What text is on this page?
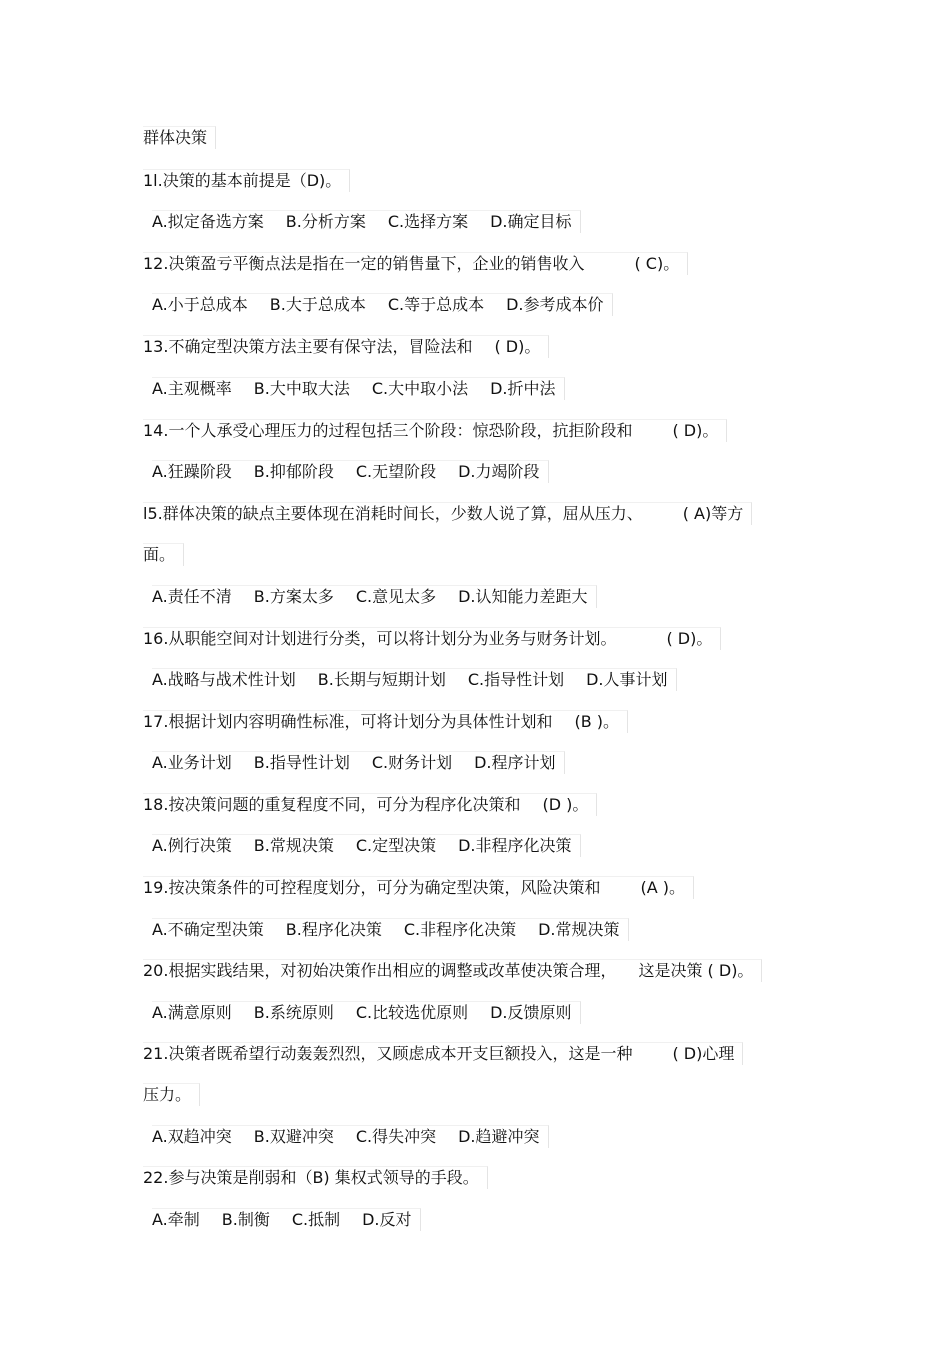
群体决策
1l.决策的基本前提是（D)。
A.拟定备选方案 B.分析方案 C.选择方案 D.确定目标
12.决策盈亏平衡点法是指在一定的销售量下，企业的销售收入	( C)。
A.小于总成本 B.大于总成本 C.等于总成本 D.参考成本价
13.不确定型决策方法主要有保守法，冒险法和 ( D)。
A.主观概率 B.大中取大法 C.大中取小法 D.折中法
14.一个人承受心理压力的过程包括三个阶段：惊恐阶段，抗拒阶段和	( D)。
A.狂躁阶段 B.抑郁阶段 C.无望阶段 D.力竭阶段
l5.群体决策的缺点主要体现在消耗时间长，少数人说了算，屈从压力、	( A)等方
面。
A.责任不清 B.方案太多 C.意见太多 D.认知能力差距大
16.从职能空间对计划进行分类，可以将计划分为业务与财务计划。	( D)。
A.战略与战术性计划 B.长期与短期计划 C.指导性计划 D.人事计划
17.根据计划内容明确性标准，可将计划分为具体性计划和 (B )。
A.业务计划 B.指导性计划 C.财务计划 D.程序计划
18.按决策问题的重复程度不同，可分为程序化决策和 (D )。
A.例行决策 B.常规决策 C.定型决策 D.非程序化决策
19.按决策条件的可控程度划分，可分为确定型决策，风险决策和	(A )。
A.不确定型决策 B.程序化决策 C.非程序化决策 D.常规决策
20.根据实践结果，对初始决策作出相应的调整或改革使决策合理， 这是决策 ( D)。
A.满意原则 B.系统原则 C.比较选优原则 D.反馈原则
21.决策者既希望行动轰轰烈烈，又顾虑成本开支巨额投入，这是一种	( D)心理
压力。
A.双趋冲突 B.双避冲突 C.得失冲突 D.趋避冲突
22.参与决策是削弱和（B) 集权式领导的手段。
A.牵制 B.制衡 C.抵制 D.反对
